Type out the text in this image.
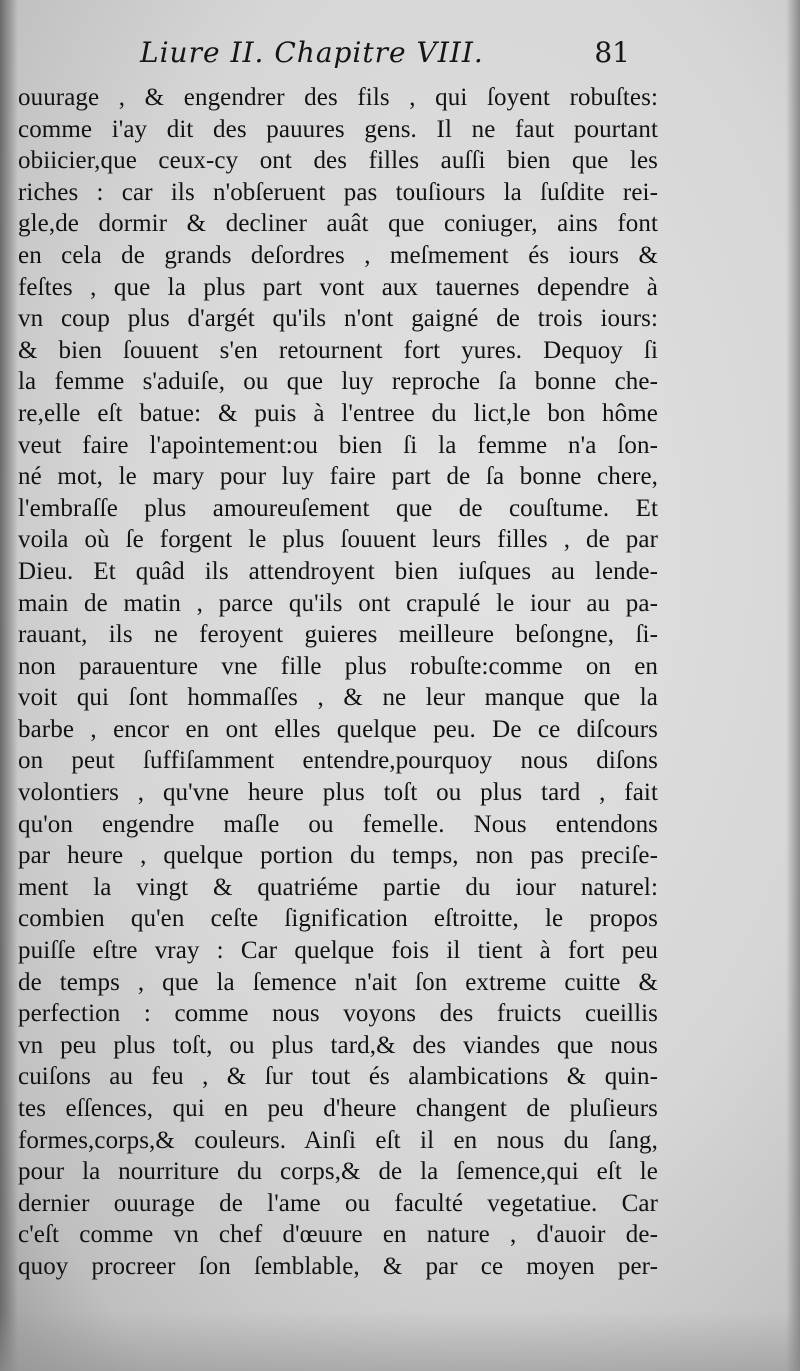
Liure II. Chapitre VIII.	81
ouurage , & engendrer des fils , qui ſoyent robuſtes:
comme i'ay dit des pauures gens. Il ne faut pourtant
obiicier,que ceux-cy ont des filles auſſi bien que les
riches : car ils n'obſeruent pas touſiours la ſuſdite rei-
gle,de dormir & decliner auât que coniuger, ains font
en cela de grands deſordres , meſmement és iours &
feſtes , que la plus part vont aux tauernes dependre à
vn coup plus d'argét qu'ils n'ont gaigné de trois iours:
& bien ſouuent s'en retournent fort yures. Dequoy ſi
la femme s'aduiſe, ou que luy reproche ſa bonne che-
re,elle eſt batue: & puis à l'entree du lict,le bon hôme
veut faire l'apointement:ou bien ſi la femme n'a ſon-
né mot, le mary pour luy faire part de ſa bonne chere,
l'embraſſe plus amoureuſement que de couſtume. Et
voila où ſe forgent le plus ſouuent leurs filles , de par
Dieu. Et quâd ils attendroyent bien iuſques au lende-
main de matin , parce qu'ils ont crapulé le iour au pa-
rauant, ils ne feroyent guieres meilleure beſongne, ſi-
non parauenture vne fille plus robuſte:comme on en
voit qui ſont hommaſſes , & ne leur manque que la
barbe , encor en ont elles quelque peu. De ce diſcours
on peut ſuffiſamment entendre,pourquoy nous diſons
volontiers , qu'vne heure plus toſt ou plus tard , fait
qu'on engendre maſle ou femelle. Nous entendons
par heure , quelque portion du temps, non pas preciſe-
ment la vingt & quatriéme partie du iour naturel:
combien qu'en ceſte ſignification eſtroitte, le propos
puiſſe eſtre vray : Car quelque fois il tient à fort peu
de temps , que la ſemence n'ait ſon extreme cuitte &
perfection : comme nous voyons des fruicts cueillis
vn peu plus toſt, ou plus tard,& des viandes que nous
cuiſons au feu , & ſur tout és alambications & quin-
tes eſſences, qui en peu d'heure changent de pluſieurs
formes,corps,& couleurs. Ainſi eſt il en nous du ſang,
pour la nourriture du corps,& de la ſemence,qui eſt le
dernier ouurage de l'ame ou faculté vegetatiue. Car
c'eſt comme vn chef d'œuure en nature , d'auoir de-
quoy procreer ſon ſemblable, & par ce moyen per-
